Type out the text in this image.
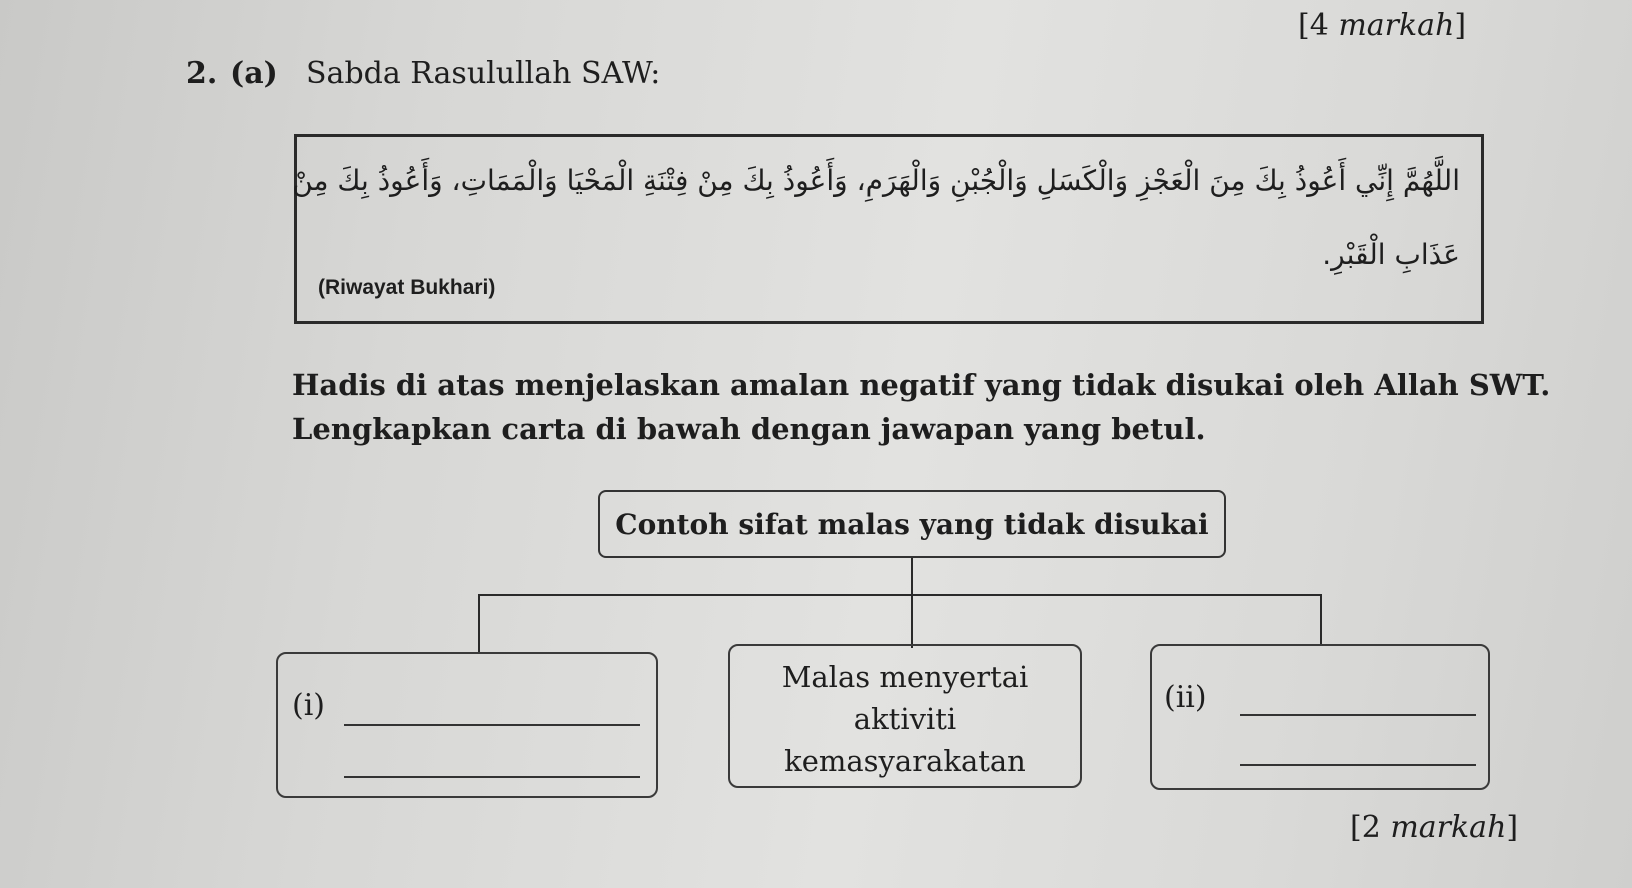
[4 markah]
2. (a) Sabda Rasulullah SAW:
اللَّهُمَّ إِنِّي أَعُوذُ بِكَ مِنَ الْعَجْزِ وَالْكَسَلِ وَالْجُبْنِ وَالْهَرَمِ، وَأَعُوذُ بِكَ مِنْ فِتْنَةِ الْمَحْيَا وَالْمَمَاتِ، وَأَعُوذُ بِكَ مِنْ
عَذَابِ الْقَبْرِ.
(Riwayat Bukhari)
Hadis di atas menjelaskan amalan negatif yang tidak disukai oleh Allah SWT.
Lengkapkan carta di bawah dengan jawapan yang betul.
Contoh sifat malas yang tidak disukai
(i)
Malas menyertai
aktiviti
kemasyarakatan
(ii)
[2 markah]
